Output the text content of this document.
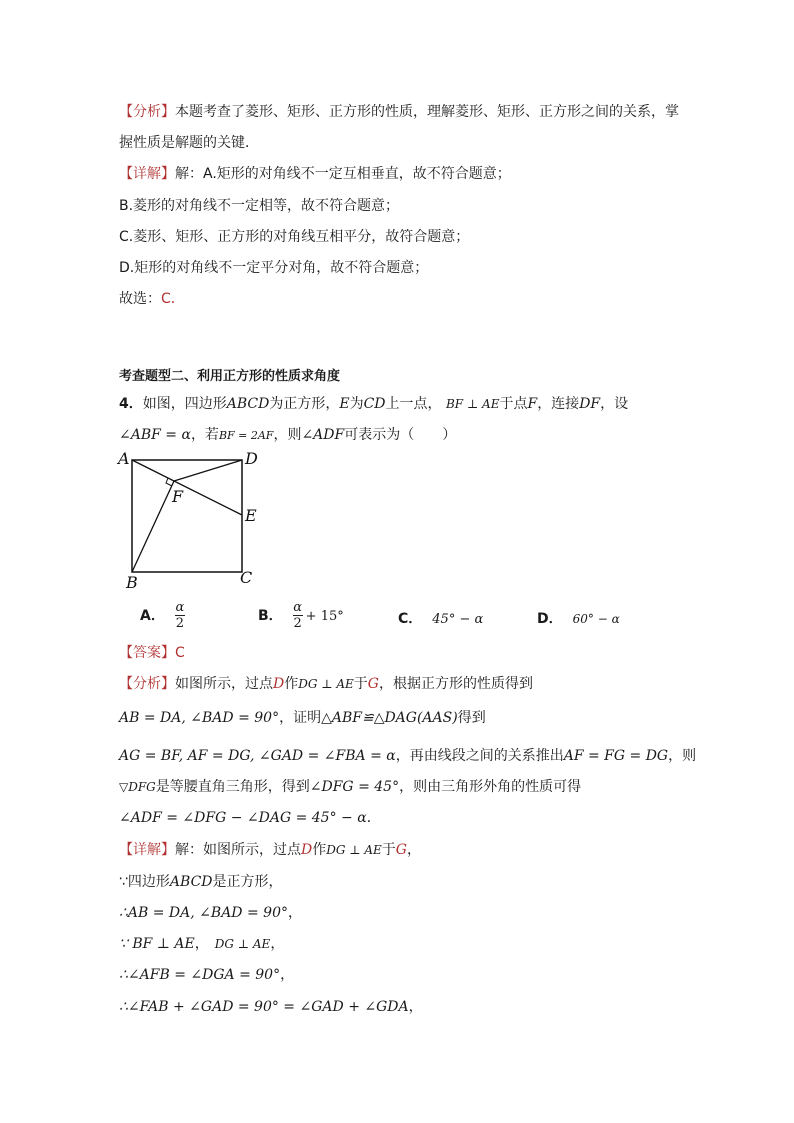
【分析】本题考查了菱形、矩形、正方形的性质，理解菱形、矩形、正方形之间的关系，掌
握性质是解题的关键．
【详解】解：A.矩形的对角线不一定互相垂直，故不符合题意；
B.菱形的对角线不一定相等，故不符合题意；
C.菱形、矩形、正方形的对角线互相平分，故符合题意；
D.矩形的对角线不一定平分对角，故不符合题意；
故选：C．
考查题型二、利用正方形的性质求角度
4．如图，四边形ABCD为正方形，E为CD上一点， BF ⊥ AE于点F，连接DF，设
∠ABF = α，若BF = 2AF，则∠ADF可表示为（　　）
A	D
E
F
B	C
A． $\frac{\alpha}{2}$	B． $\frac{\alpha}{2} + 15^\circ$	C． 45° − α	D． 60° − α
【答案】C
【分析】如图所示，过点D作DG ⊥ AE于G，根据正方形的性质得到
AB = DA, ∠BAD = 90°，证明△ABF≌△DAG(AAS)得到
AG = BF, AF = DG, ∠GAD = ∠FBA = α，再由线段之间的关系推出AF = FG = DG，则
▽DFG是等腰直角三角形，得到∠DFG = 45°，则由三角形外角的性质可得
∠ADF = ∠DFG − ∠DAG = 45° − α．
【详解】解：如图所示，过点D作DG ⊥ AE于G，
∵四边形ABCD是正方形，
∴AB = DA, ∠BAD = 90°，
∵ BF ⊥ AE， DG ⊥ AE，
∴∠AFB = ∠DGA = 90°，
∴∠FAB + ∠GAD = 90° = ∠GAD + ∠GDA，
